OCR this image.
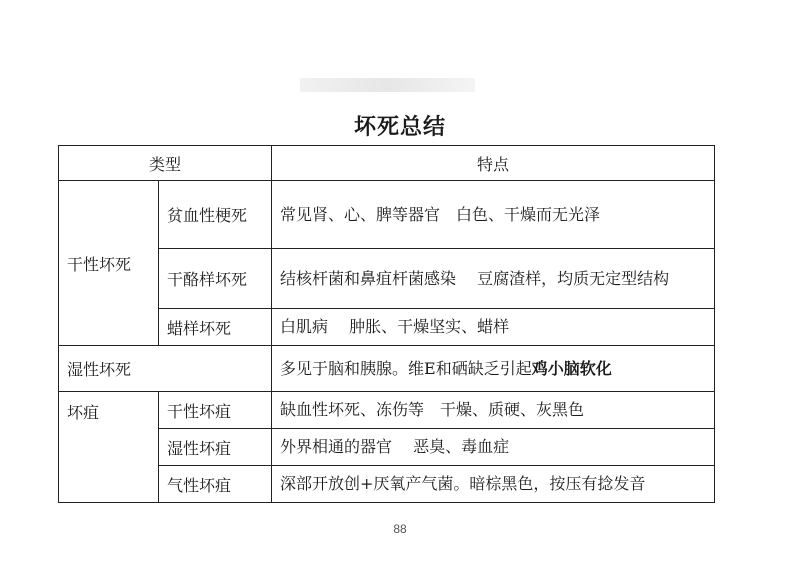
坏死总结
类型		特点
干性坏死	贫血性梗死	常见肾、心、脾等器官　白色、干燥而无光泽
	干酪样坏死	结核杆菌和鼻疽杆菌感染　 豆腐渣样，均质无定型结构
	蜡样坏死	白肌病　 肿胀、干燥坚实、蜡样
湿性坏死		多见于脑和胰腺。维E和硒缺乏引起鸡小脑软化
坏疽	干性坏疽	缺血性坏死、冻伤等　干燥、质硬、灰黑色
	湿性坏疽	外界相通的器官　 恶臭、毒血症
	气性坏疽	深部开放创+厌氧产气菌。暗棕黑色，按压有捻发音
88
